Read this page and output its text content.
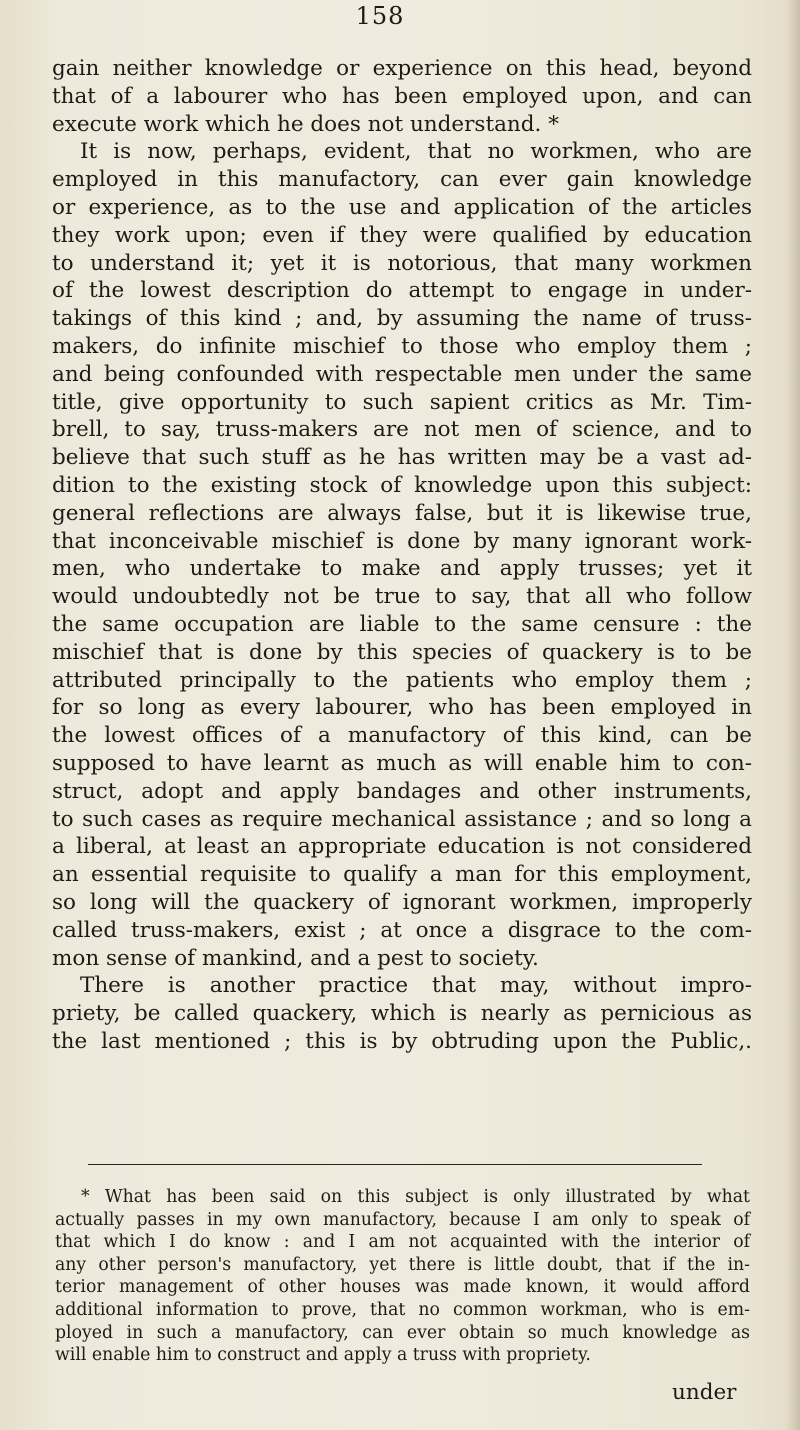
158
gain neither knowledge or experience on this head, beyond
that of a labourer who has been employed upon, and can
execute work which he does not understand. *
It is now, perhaps, evident, that no workmen, who are
employed in this manufactory, can ever gain knowledge
or experience, as to the use and application of the articles
they work upon; even if they were qualified by education
to understand it; yet it is notorious, that many workmen
of the lowest description do attempt to engage in under-
takings of this kind ; and, by assuming the name of truss-
makers, do infinite mischief to those who employ them ;
and being confounded with respectable men under the same
title, give opportunity to such sapient critics as Mr. Tim-
brell, to say, truss-makers are not men of science, and to
believe that such stuff as he has written may be a vast ad-
dition to the existing stock of knowledge upon this subject:
general reflections are always false, but it is likewise true,
that inconceivable mischief is done by many ignorant work-
men, who undertake to make and apply trusses; yet it
would undoubtedly not be true to say, that all who follow
the same occupation are liable to the same censure : the
mischief that is done by this species of quackery is to be
attributed principally to the patients who employ them ;
for so long as every labourer, who has been employed in
the lowest offices of a manufactory of this kind, can be
supposed to have learnt as much as will enable him to con-
struct, adopt and apply bandages and other instruments,
to such cases as require mechanical assistance ; and so long a
a liberal, at least an appropriate education is not considered
an essential requisite to qualify a man for this employment,
so long will the quackery of ignorant workmen, improperly
called truss-makers, exist ; at once a disgrace to the com-
mon sense of mankind, and a pest to society.
There is another practice that may, without impro-
priety, be called quackery, which is nearly as pernicious as
the last mentioned ; this is by obtruding upon the Public,.
* What has been said on this subject is only illustrated by what
actually passes in my own manufactory, because I am only to speak of
that which I do know : and I am not acquainted with the interior of
any other person's manufactory, yet there is little doubt, that if the in-
terior management of other houses was made known, it would afford
additional information to prove, that no common workman, who is em-
ployed in such a manufactory, can ever obtain so much knowledge as
will enable him to construct and apply a truss with propriety.
under
